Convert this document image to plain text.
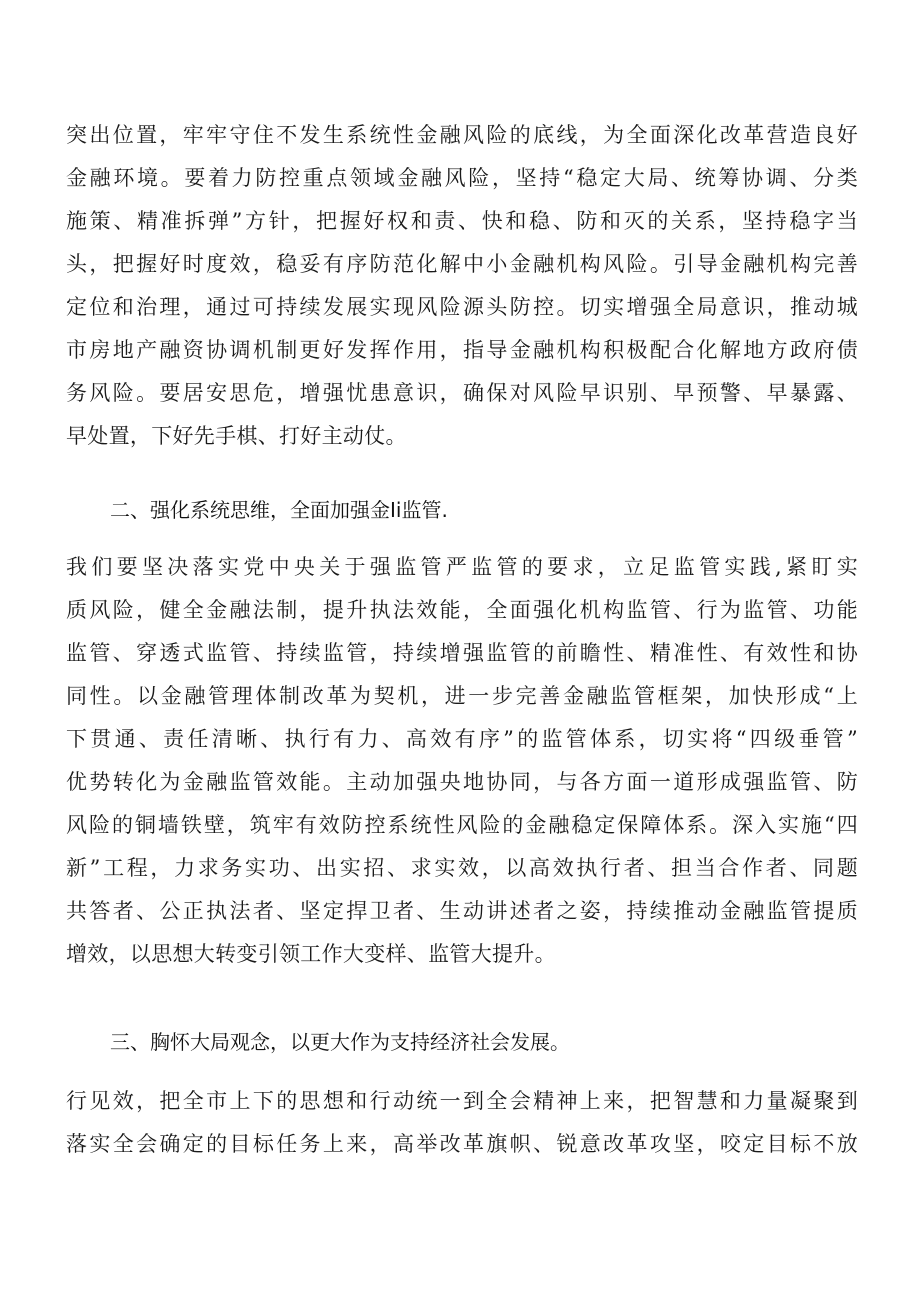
突出位置，牢牢守住不发生系统性金融风险的底线，为全面深化改革营造良好
金融环境。要着力防控重点领域金融风险，坚持“稳定大局、统筹协调、分类
施策、精准拆弹”方针，把握好权和责、快和稳、防和灭的关系，坚持稳字当
头，把握好时度效，稳妥有序防范化解中小金融机构风险。引导金融机构完善
定位和治理，通过可持续发展实现风险源头防控。切实增强全局意识，推动城
市房地产融资协调机制更好发挥作用，指导金融机构积极配合化解地方政府债
务风险。要居安思危，增强忧患意识，确保对风险早识别、早预警、早暴露、
早处置，下好先手棋、打好主动仗。
二、强化系统思维，全面加强金Ii监管.
我们要坚决落实党中央关于强监管严监管的要求，立足监管实践,紧盯实
质风险，健全金融法制，提升执法效能，全面强化机构监管、行为监管、功能
监管、穿透式监管、持续监管，持续增强监管的前瞻性、精准性、有效性和协
同性。以金融管理体制改革为契机，进一步完善金融监管框架，加快形成“上
下贯通、责任清晰、执行有力、高效有序”的监管体系，切实将“四级垂管”
优势转化为金融监管效能。主动加强央地协同，与各方面一道形成强监管、防
风险的铜墙铁壁，筑牢有效防控系统性风险的金融稳定保障体系。深入实施“四
新”工程，力求务实功、出实招、求实效，以高效执行者、担当合作者、同题
共答者、公正执法者、坚定捍卫者、生动讲述者之姿，持续推动金融监管提质
增效，以思想大转变引领工作大变样、监管大提升。
三、胸怀大局观念，以更大作为支持经济社会发展。
行见效，把全市上下的思想和行动统一到全会精神上来，把智慧和力量凝聚到
落实全会确定的目标任务上来，高举改革旗帜、锐意改革攻坚，咬定目标不放
